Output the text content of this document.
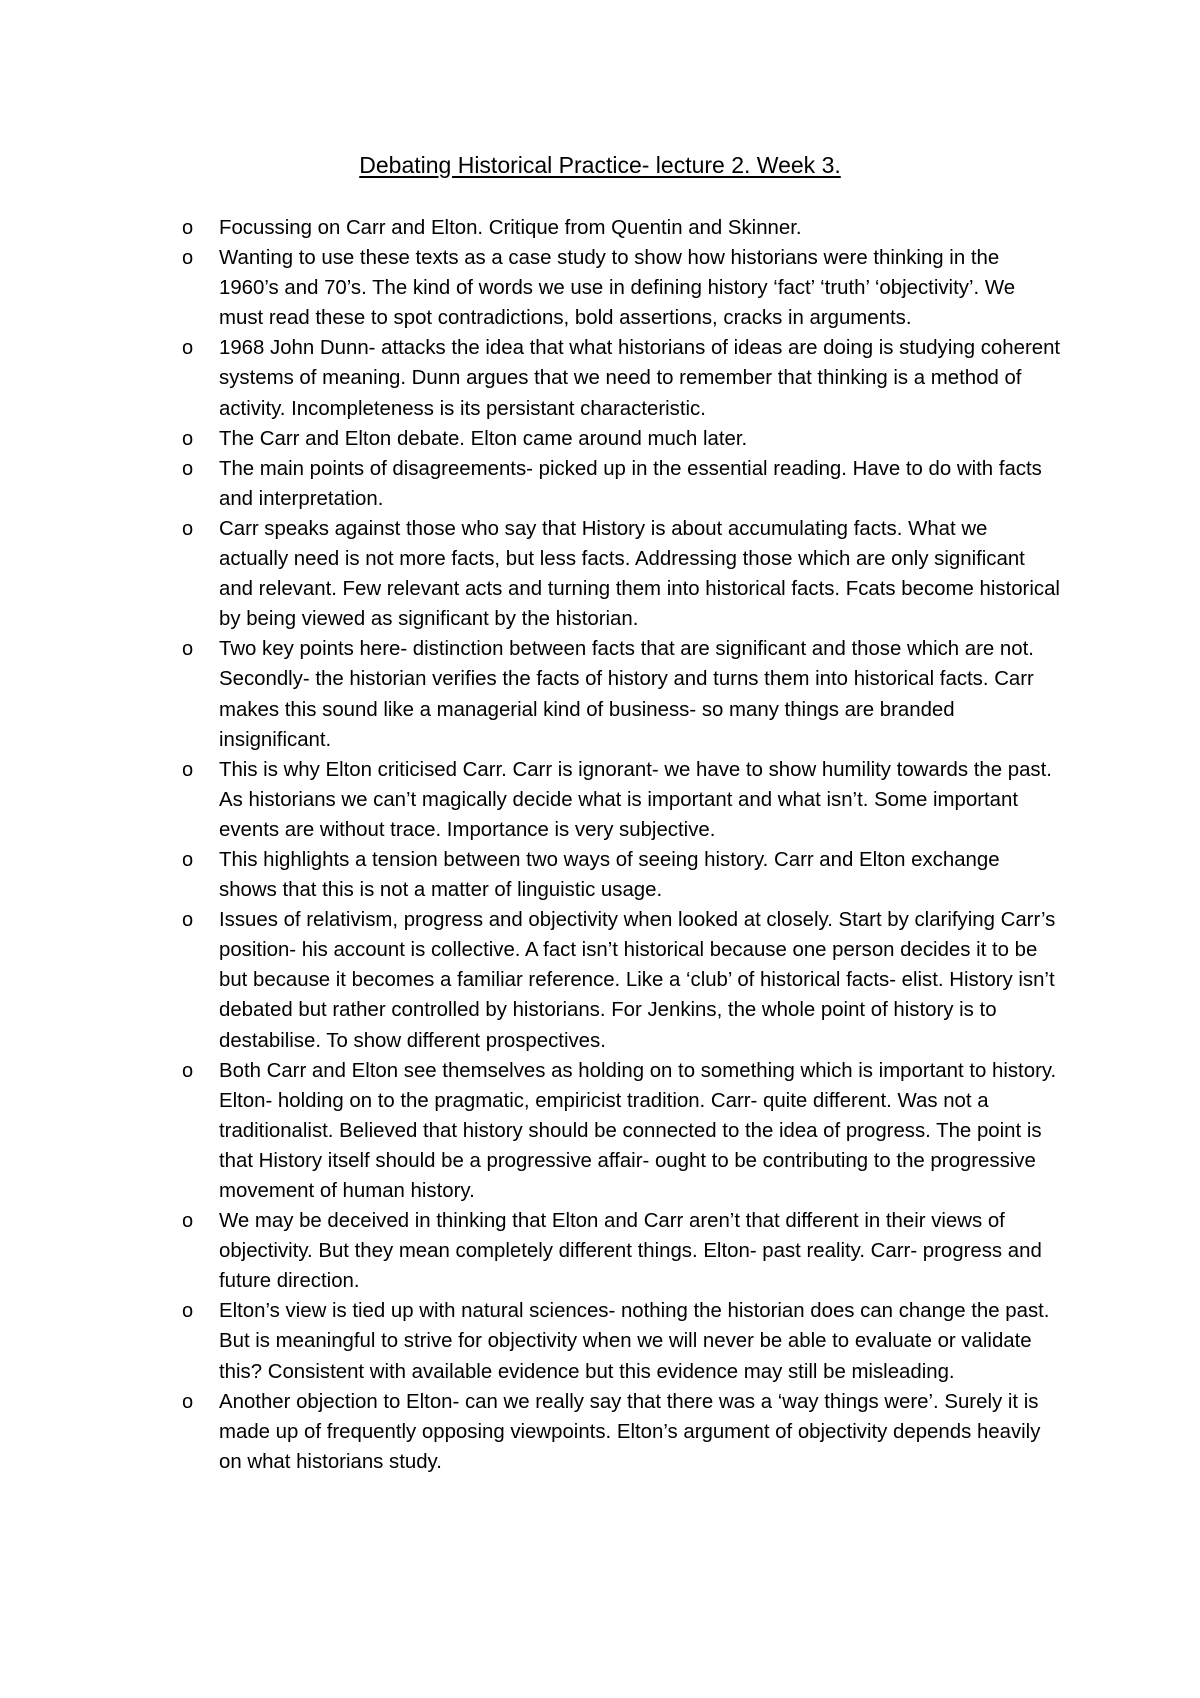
Debating Historical Practice- lecture 2. Week 3.
o Focussing on Carr and Elton. Critique from Quentin and Skinner.
o Wanting to use these texts as a case study to show how historians were thinking in the 1960’s and 70’s. The kind of words we use in defining history ‘fact’ ‘truth’ ‘objectivity’. We must read these to spot contradictions, bold assertions, cracks in arguments.
o 1968 John Dunn- attacks the idea that what historians of ideas are doing is studying coherent systems of meaning. Dunn argues that we need to remember that thinking is a method of activity. Incompleteness is its persistant characteristic.
o The Carr and Elton debate. Elton came around much later.
o The main points of disagreements- picked up in the essential reading. Have to do with facts and interpretation.
o Carr speaks against those who say that History is about accumulating facts. What we actually need is not more facts, but less facts. Addressing those which are only significant and relevant. Few relevant acts and turning them into historical facts. Fcats become historical by being viewed as significant by the historian.
o Two key points here- distinction between facts that are significant and those which are not. Secondly- the historian verifies the facts of history and turns them into historical facts. Carr makes this sound like a managerial kind of business- so many things are branded insignificant.
o This is why Elton criticised Carr. Carr is ignorant- we have to show humility towards the past. As historians we can’t magically decide what is important and what isn’t. Some important events are without trace. Importance is very subjective.
o This highlights a tension between two ways of seeing history. Carr and Elton exchange shows that this is not a matter of linguistic usage.
o Issues of relativism, progress and objectivity when looked at closely. Start by clarifying Carr’s position- his account is collective. A fact isn’t historical because one person decides it to be but because it becomes a familiar reference. Like a ‘club’ of historical facts- elist. History isn’t debated but rather controlled by historians. For Jenkins, the whole point of history is to destabilise. To show different prospectives.
o Both Carr and Elton see themselves as holding on to something which is important to history. Elton- holding on to the pragmatic, empiricist tradition. Carr- quite different. Was not a traditionalist. Believed that history should be connected to the idea of progress. The point is that History itself should be a progressive affair- ought to be contributing to the progressive movement of human history.
o We may be deceived in thinking that Elton and Carr aren’t that different in their views of objectivity. But they mean completely different things. Elton- past reality. Carr- progress and future direction.
o Elton’s view is tied up with natural sciences- nothing the historian does can change the past. But is meaningful to strive for objectivity when we will never be able to evaluate or validate this? Consistent with available evidence but this evidence may still be misleading.
o Another objection to Elton- can we really say that there was a ‘way things were’. Surely it is made up of frequently opposing viewpoints. Elton’s argument of objectivity depends heavily on what historians study.
